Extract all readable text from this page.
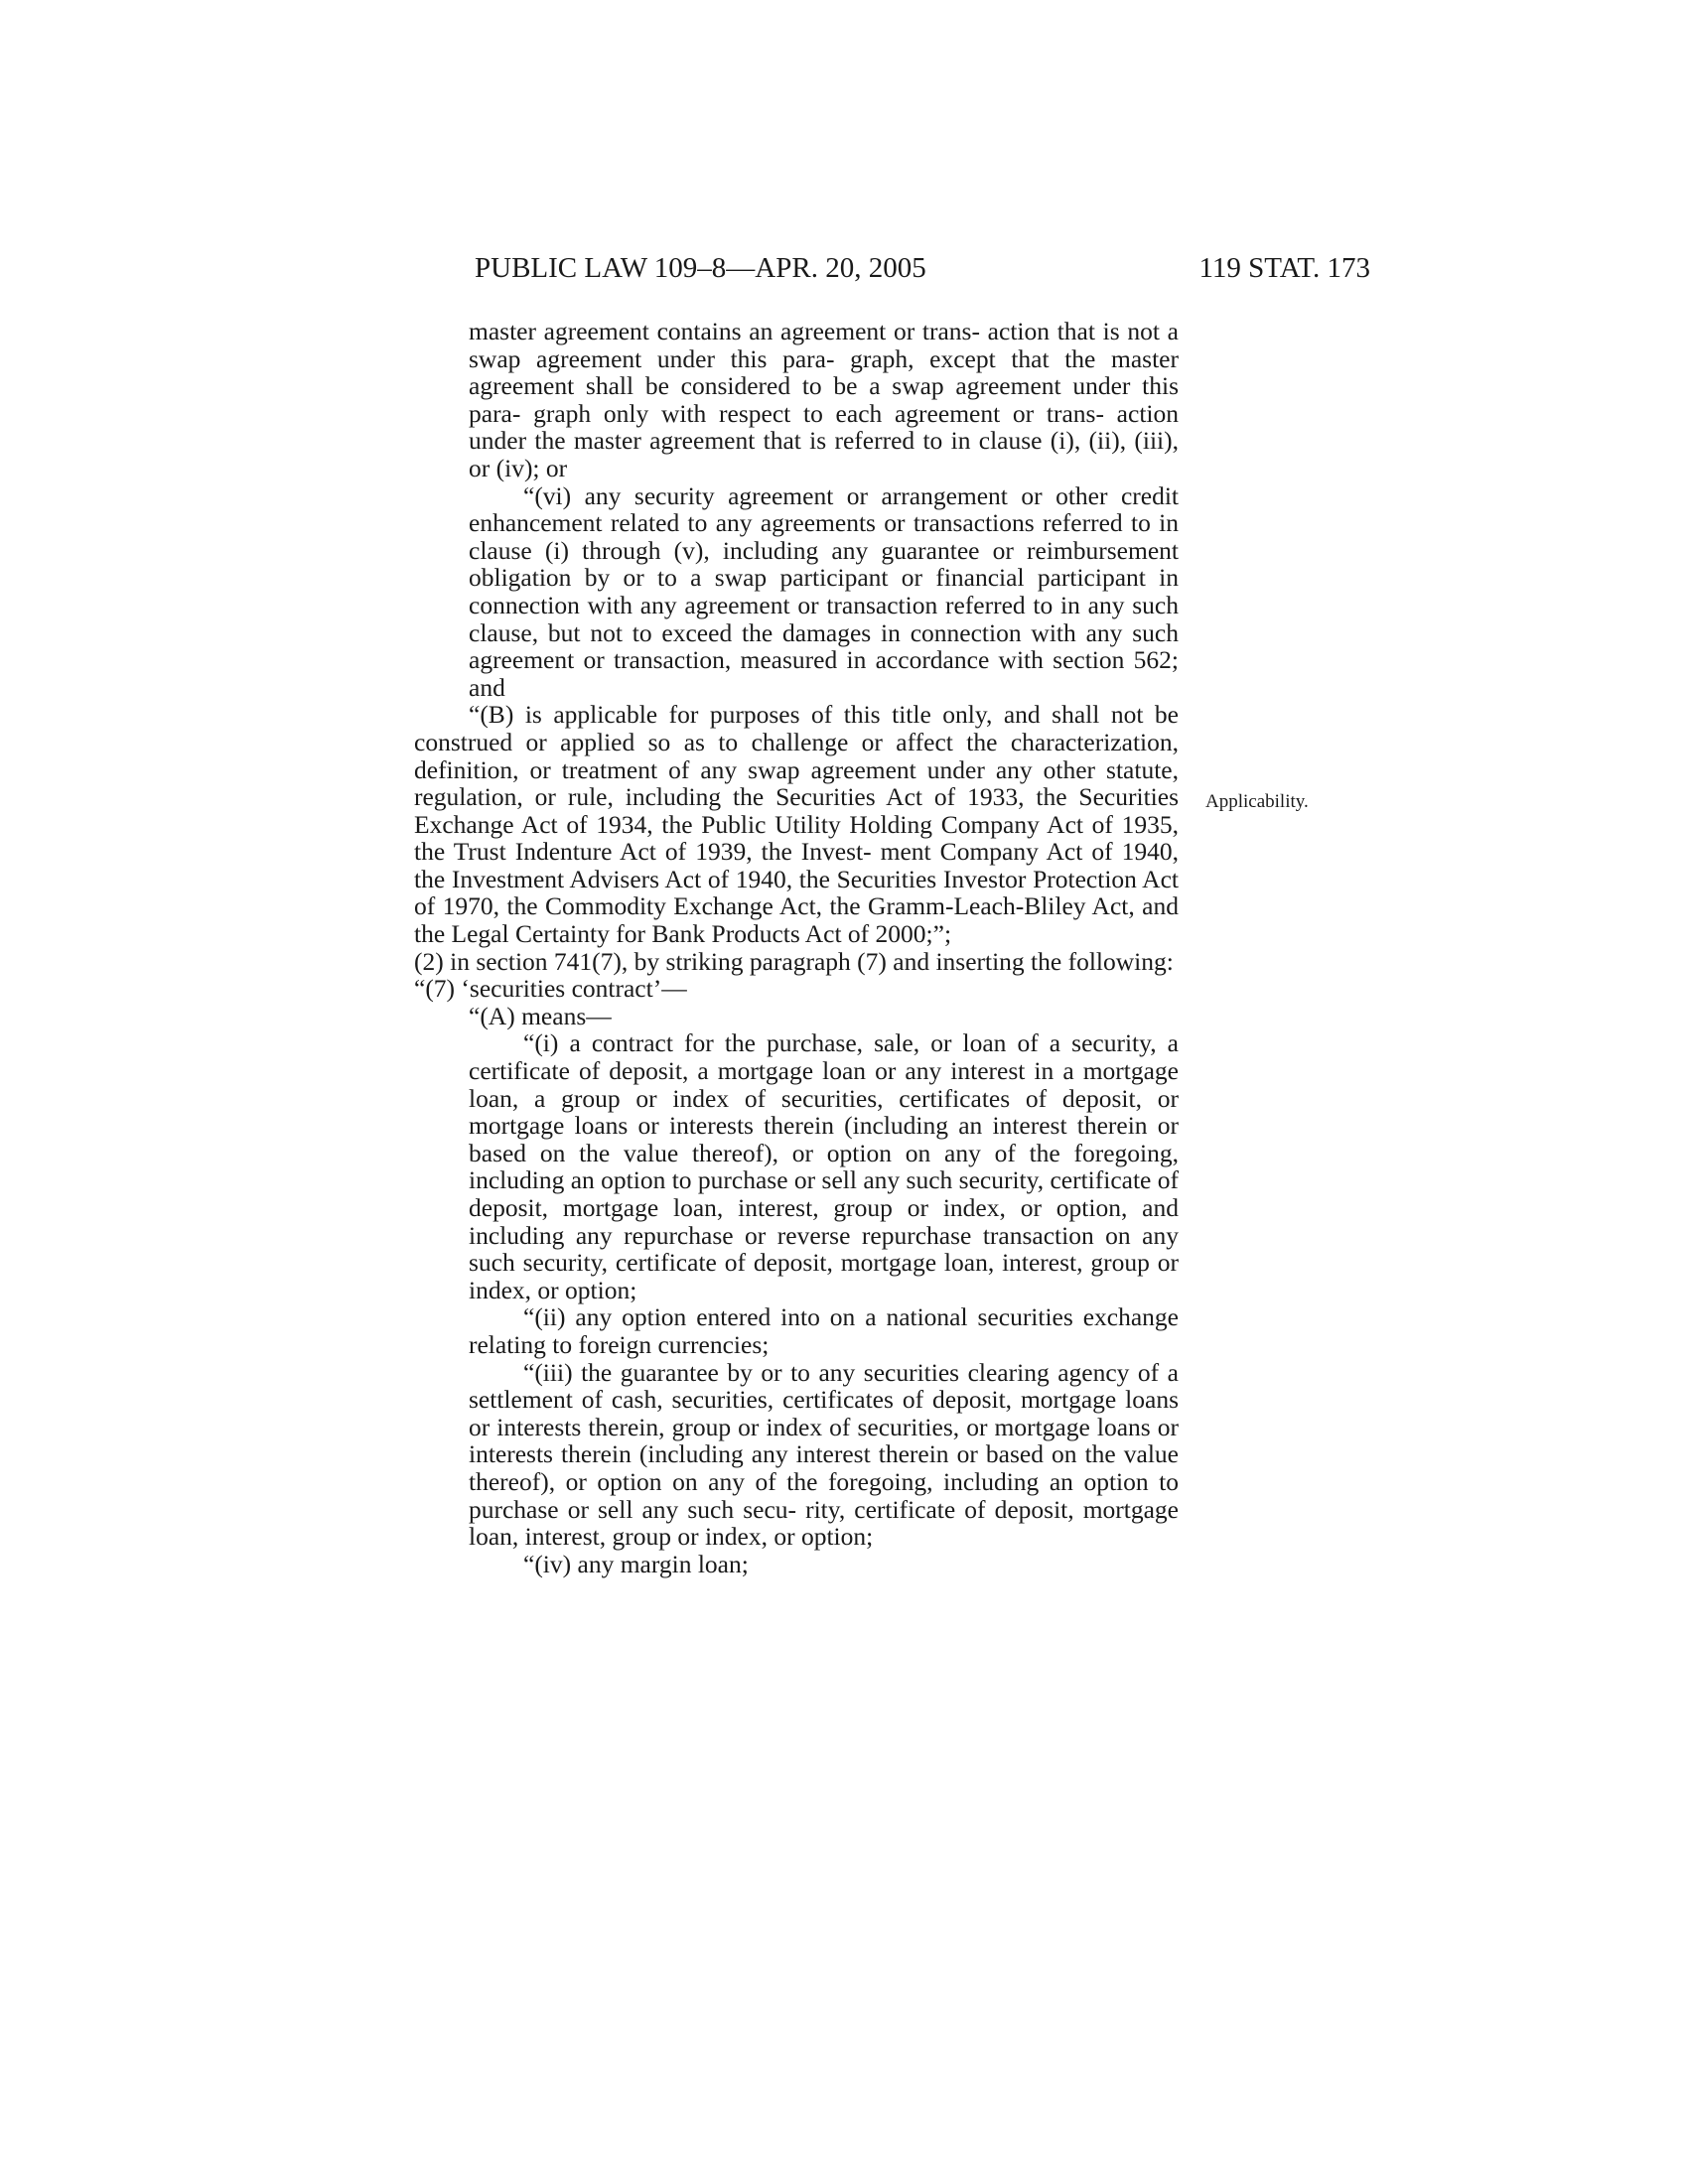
PUBLIC LAW 109–8—APR. 20, 2005	119 STAT. 173
Applicability.

master agreement contains an agreement or trans- action that is not a swap agreement under this para- graph, except that the master agreement shall be considered to be a swap agreement under this para- graph only with respect to each agreement or trans- action under the master agreement that is referred to in clause (i), (ii), (iii), or (iv); or

“(vi) any security agreement or arrangement or other credit enhancement related to any agreements or transactions referred to in clause (i) through (v), including any guarantee or reimbursement obligation by or to a swap participant or financial participant in connection with any agreement or transaction referred to in any such clause, but not to exceed the damages in connection with any such agreement or transaction, measured in accordance with section 562; and

“(B) is applicable for purposes of this title only, and shall not be construed or applied so as to challenge or affect the characterization, definition, or treatment of any swap agreement under any other statute, regulation, or rule, including the Securities Act of 1933, the Securities Exchange Act of 1934, the Public Utility Holding Company Act of 1935, the Trust Indenture Act of 1939, the Invest- ment Company Act of 1940, the Investment Advisers Act of 1940, the Securities Investor Protection Act of 1970, the Commodity Exchange Act, the Gramm-Leach-Bliley Act, and the Legal Certainty for Bank Products Act of 2000;”;

(2) in section 741(7), by striking paragraph (7) and inserting the following:

“(7) ‘securities contract’—

“(A) means—

“(i) a contract for the purchase, sale, or loan of a security, a certificate of deposit, a mortgage loan or any interest in a mortgage loan, a group or index of securities, certificates of deposit, or mortgage loans or interests therein (including an interest therein or based on the value thereof), or option on any of the foregoing, including an option to purchase or sell any such security, certificate of deposit, mortgage loan, interest, group or index, or option, and including any repurchase or reverse repurchase transaction on any such security, certificate of deposit, mortgage loan, interest, group or index, or option;

“(ii) any option entered into on a national securities exchange relating to foreign currencies;

“(iii) the guarantee by or to any securities clearing agency of a settlement of cash, securities, certificates of deposit, mortgage loans or interests therein, group or index of securities, or mortgage loans or interests therein (including any interest therein or based on the value thereof), or option on any of the foregoing, including an option to purchase or sell any such secu- rity, certificate of deposit, mortgage loan, interest, group or index, or option;

“(iv) any margin loan;
